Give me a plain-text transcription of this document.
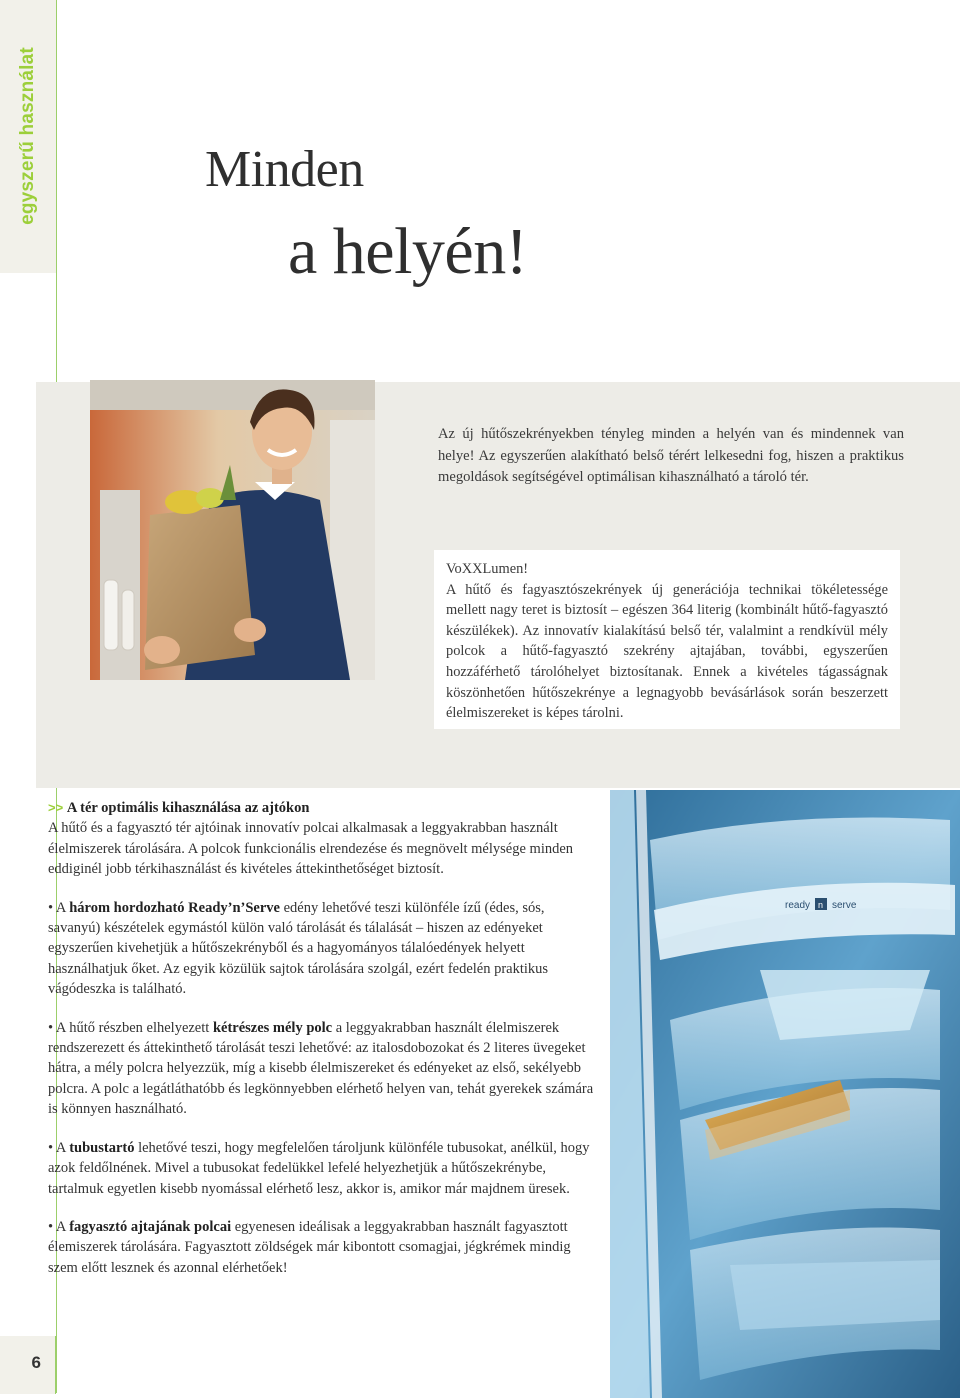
egyszerű használat
6
Minden
a helyén!
Az új hűtőszekrényekben tényleg minden a helyén van és mindennek van helye! Az egyszerűen alakítható belső térért lelkesedni fog, hiszen a praktikus megoldások segítségével optimálisan kihasználható a tároló tér.
VoXXLumen!
A hűtő és fagyasztószekrények új generációja technikai tökéletessége mellett nagy teret is biztosít – egészen 364 literig (kombinált hűtő-fagyasztó készülékek). Az innovatív kialakítású belső tér, valalmint a rendkívül mély polcok a hűtő-fagyasztó szekrény ajtajában, további, egyszerűen hozzáférhető tárolóhelyet biztosítanak. Ennek a kivételes tágasságnak köszönhetően hűtőszekrénye a legnagyobb bevásárlások során beszerzett élelmiszereket is képes tárolni.
>> A tér optimális kihasználása az ajtókon
A hűtő és a fagyasztó tér ajtóinak innovatív polcai alkalmasak a leggyakrabban használt élelmiszerek tárolására. A polcok funkcionális elrendezése és megnövelt mélysége minden eddiginél jobb térkihasználást és kivételes áttekinthetőséget biztosít.
• A három hordozható Ready’n’Serve edény lehetővé teszi különféle ízű (édes, sós, savanyú) készételek egymástól külön való tárolását és tálalását – hiszen az edényeket egyszerűen kivehetjük a hűtőszekrényből és a hagyományos tálalóedények helyett használhatjuk őket. Az egyik közülük sajtok tárolására szolgál, ezért fedelén praktikus vágódeszka is található.
• A hűtő részben elhelyezett kétrészes mély polc a leggyakrabban használt élelmiszerek rendszerezett és áttekinthető tárolását teszi lehetővé: az italosdobozokat és 2 literes üvegeket hátra, a mély polcra helyezzük, míg a kisebb élelmiszereket és edényeket az első, sekélyebb polcra. A polc a legátláthatóbb és legkönnyebben elérhető helyen van, tehát gyerekek számára is könnyen használható.
• A tubustartó lehetővé teszi, hogy megfelelően tároljunk különféle tubusokat, anélkül, hogy azok feldőlnének. Mivel a tubusokat fedelükkel lefelé helyezhetjük a hűtőszekrénybe, tartalmuk egyetlen kisebb nyomással elérhető lesz, akkor is, amikor már majdnem üresek.
• A fagyasztó ajtajának polcai egyenesen ideálisak a leggyakrabban használt fagyasztott élemiszerek tárolására. Fagyasztott zöldségek már kibontott csomagjai, jégkrémek mindig szem előtt lesznek és azonnal elérhetőek!
ready n serve
